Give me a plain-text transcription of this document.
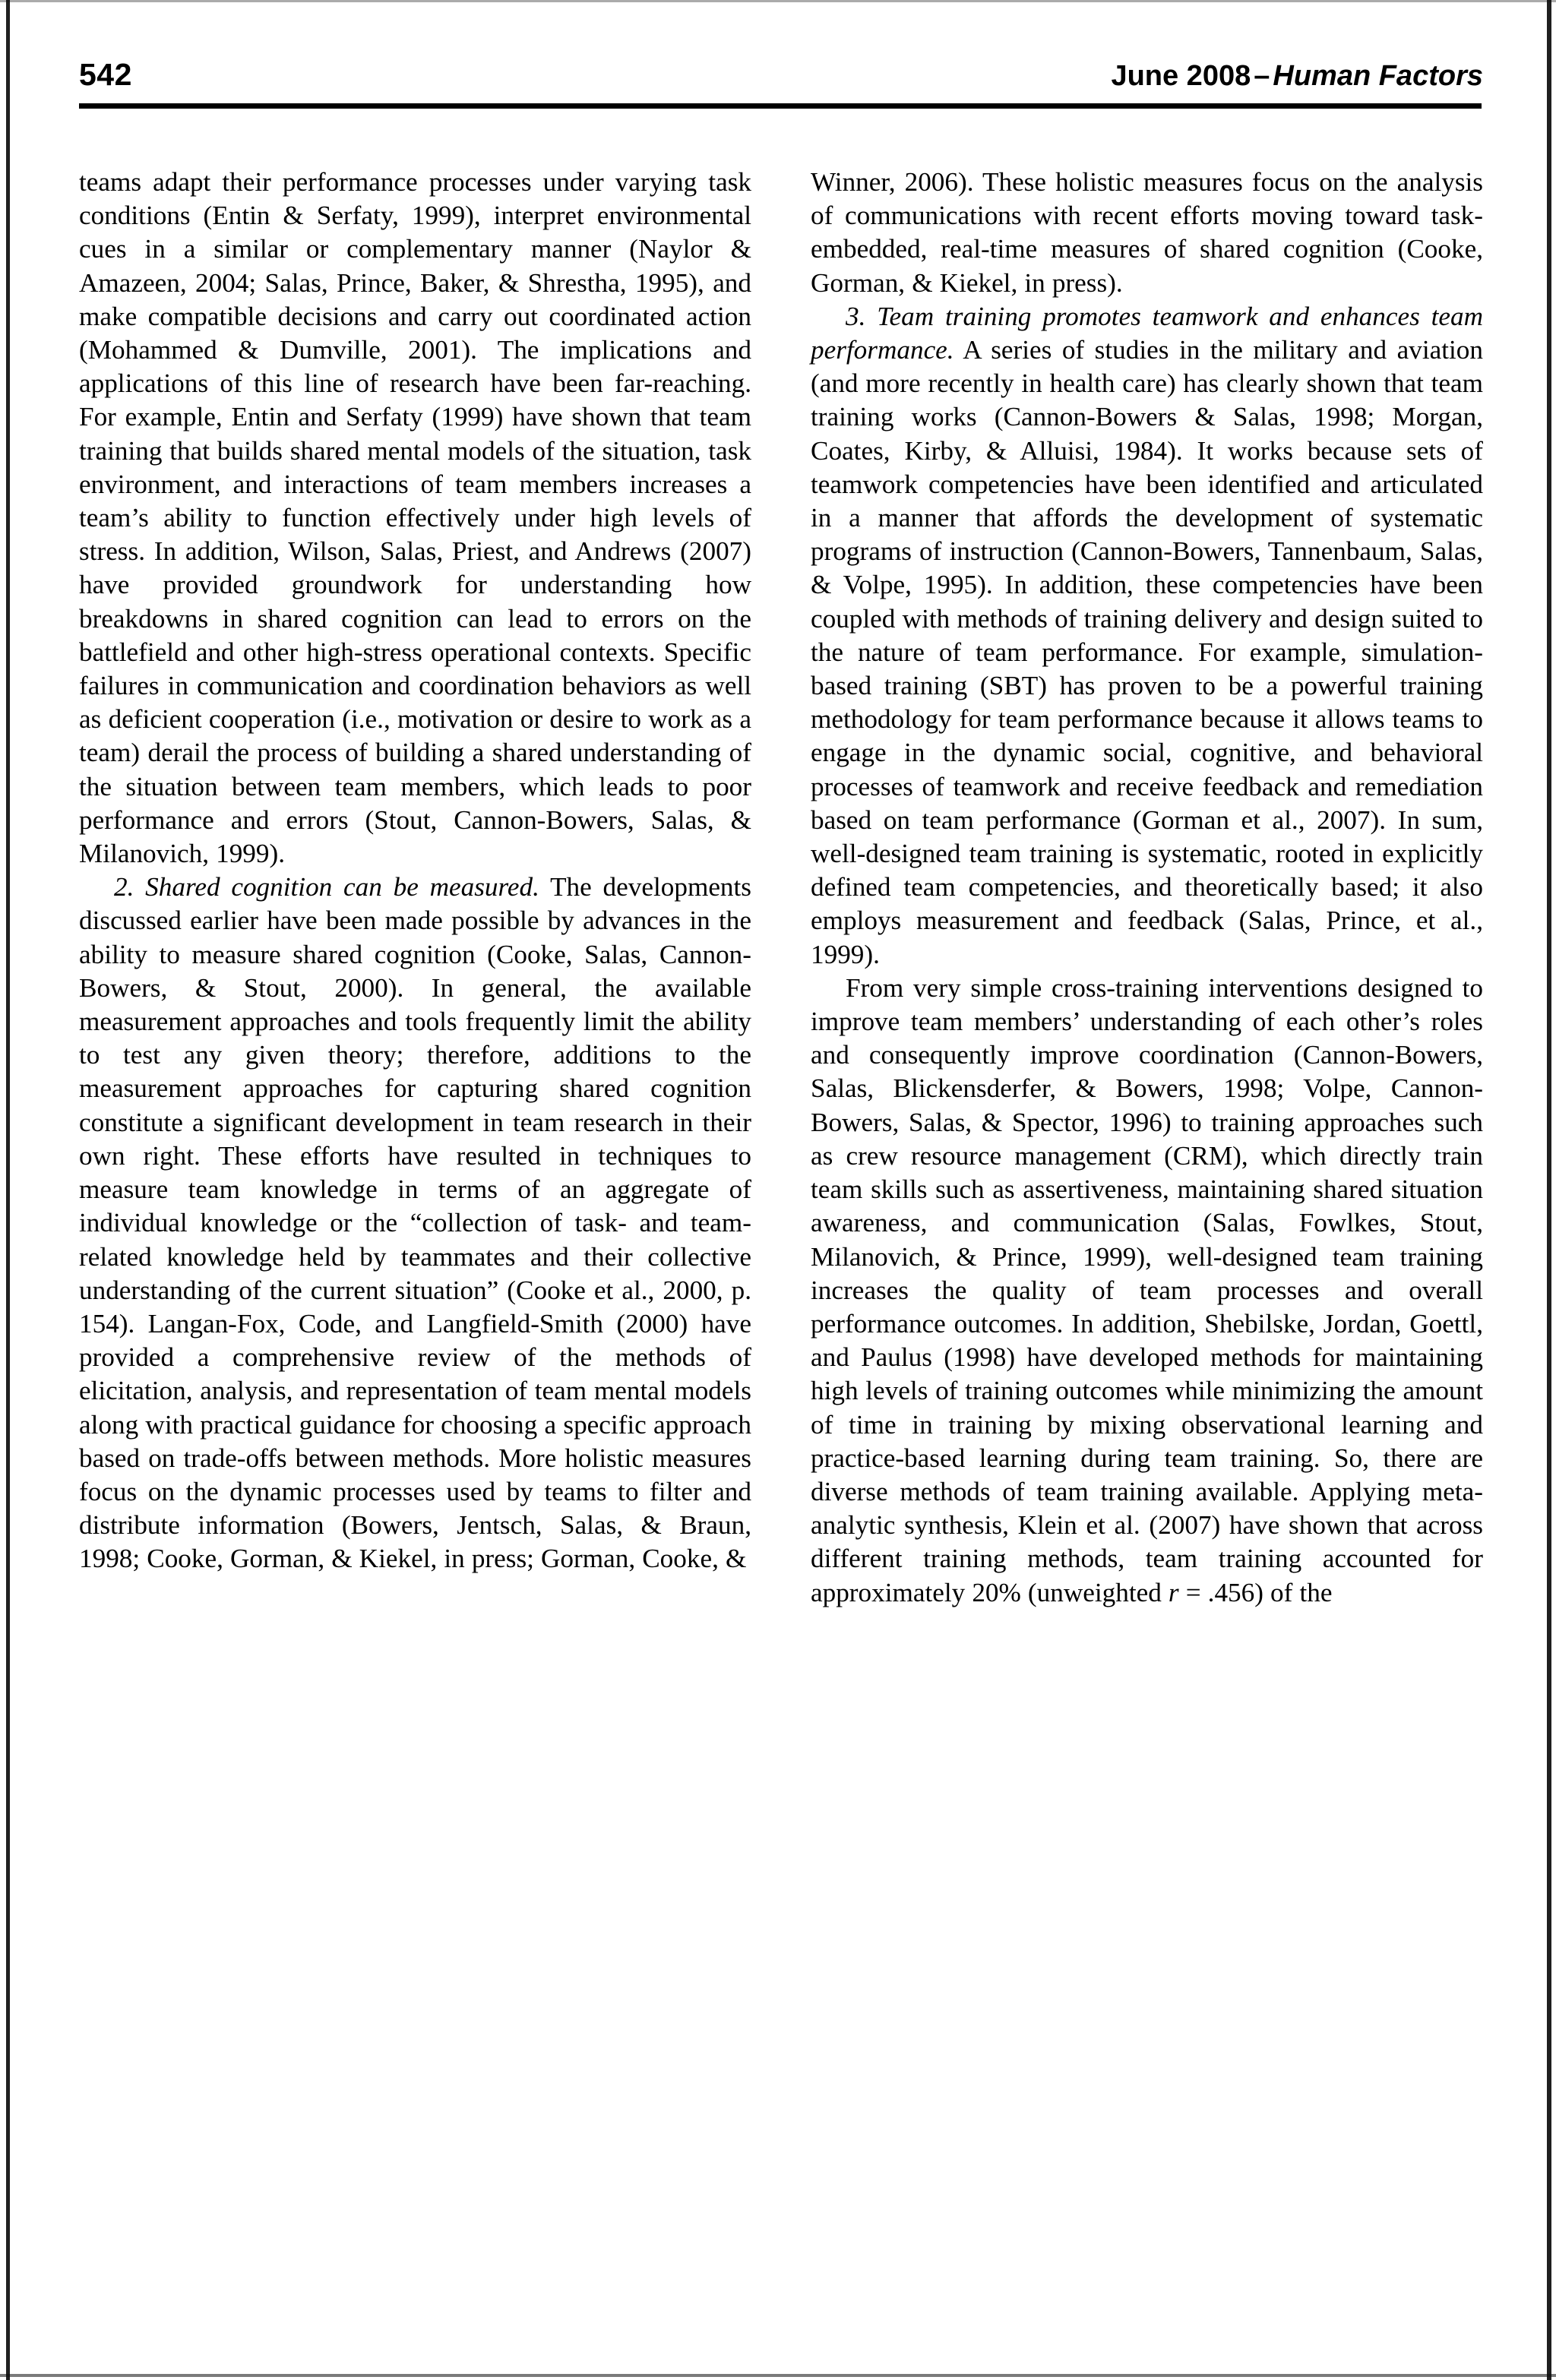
542	June 2008 – Human Factors

teams adapt their performance processes under varying task conditions (Entin & Serfaty, 1999), interpret environmental cues in a similar or complementary manner (Naylor & Amazeen, 2004; Salas, Prince, Baker, & Shrestha, 1995), and make compatible decisions and carry out coordinated action (Mohammed & Dumville, 2001). The implications and applications of this line of research have been far-reaching. For example, Entin and Serfaty (1999) have shown that team training that builds shared mental models of the situation, task environment, and interactions of team members increases a team’s ability to function effectively under high levels of stress. In addition, Wilson, Salas, Priest, and Andrews (2007) have provided groundwork for understanding how breakdowns in shared cognition can lead to errors on the battlefield and other high-stress operational contexts. Specific failures in communication and coordination behaviors as well as deficient cooperation (i.e., motivation or desire to work as a team) derail the process of building a shared understanding of the situation between team members, which leads to poor performance and errors (Stout, Cannon-Bowers, Salas, & Milanovich, 1999).

2. Shared cognition can be measured. The developments discussed earlier have been made possible by advances in the ability to measure shared cognition (Cooke, Salas, Cannon-Bowers, & Stout, 2000). In general, the available measurement approaches and tools frequently limit the ability to test any given theory; therefore, additions to the measurement approaches for capturing shared cognition constitute a significant development in team research in their own right. These efforts have resulted in techniques to measure team knowledge in terms of an aggregate of individual knowledge or the “collection of task- and team-related knowledge held by teammates and their collective understanding of the current situation” (Cooke et al., 2000, p. 154). Langan-Fox, Code, and Langfield-Smith (2000) have provided a comprehensive review of the methods of elicitation, analysis, and representation of team mental models along with practical guidance for choosing a specific approach based on trade-offs between methods. More holistic measures focus on the dynamic processes used by teams to filter and distribute information (Bowers, Jentsch, Salas, & Braun, 1998; Cooke, Gorman, & Kiekel, in press; Gorman, Cooke, &

Winner, 2006). These holistic measures focus on the analysis of communications with recent efforts moving toward task-embedded, real-time measures of shared cognition (Cooke, Gorman, & Kiekel, in press).

3. Team training promotes teamwork and enhances team performance. A series of studies in the military and aviation (and more recently in health care) has clearly shown that team training works (Cannon-Bowers & Salas, 1998; Morgan, Coates, Kirby, & Alluisi, 1984). It works because sets of teamwork competencies have been identified and articulated in a manner that affords the development of systematic programs of instruction (Cannon-Bowers, Tannenbaum, Salas, & Volpe, 1995). In addition, these competencies have been coupled with methods of training delivery and design suited to the nature of team performance. For example, simulation-based training (SBT) has proven to be a powerful training methodology for team performance because it allows teams to engage in the dynamic social, cognitive, and behavioral processes of teamwork and receive feedback and remediation based on team performance (Gorman et al., 2007). In sum, well-designed team training is systematic, rooted in explicitly defined team competencies, and theoretically based; it also employs measurement and feedback (Salas, Prince, et al., 1999).

From very simple cross-training interventions designed to improve team members’ understanding of each other’s roles and consequently improve coordination (Cannon-Bowers, Salas, Blickensderfer, & Bowers, 1998; Volpe, Cannon-Bowers, Salas, & Spector, 1996) to training approaches such as crew resource management (CRM), which directly train team skills such as assertiveness, maintaining shared situation awareness, and communication (Salas, Fowlkes, Stout, Milanovich, & Prince, 1999), well-designed team training increases the quality of team processes and overall performance outcomes. In addition, Shebilske, Jordan, Goettl, and Paulus (1998) have developed methods for maintaining high levels of training outcomes while minimizing the amount of time in training by mixing observational learning and practice-based learning during team training. So, there are diverse methods of team training available. Applying meta-analytic synthesis, Klein et al. (2007) have shown that across different training methods, team training accounted for approximately 20% (unweighted r = .456) of the
